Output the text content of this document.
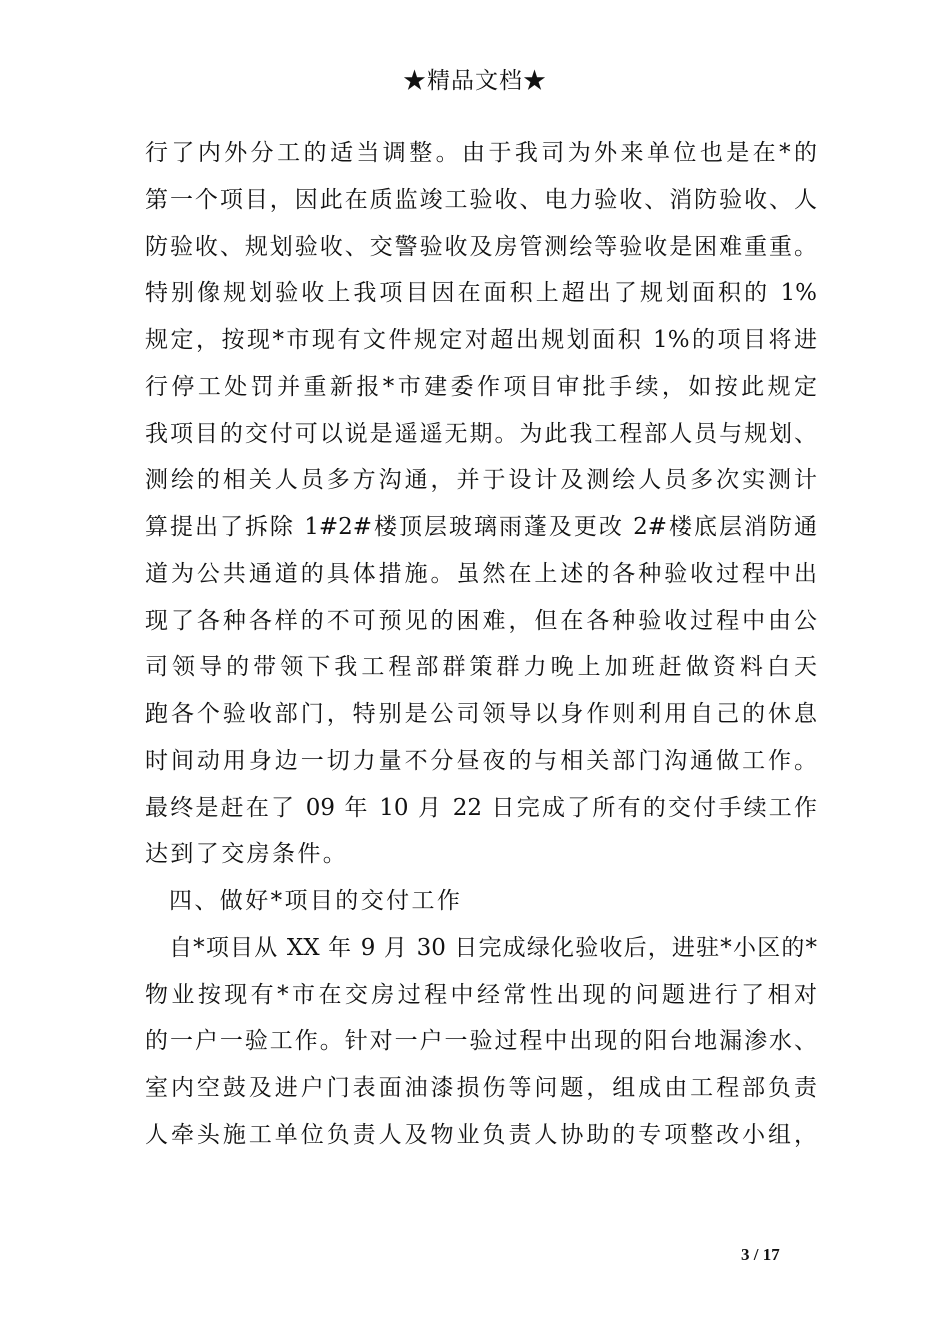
★精品文档★
行了内外分工的适当调整。由于我司为外来单位也是在*的
第一个项目，因此在质监竣工验收、电力验收、消防验收、人
防验收、规划验收、交警验收及房管测绘等验收是困难重重。
特别像规划验收上我项目因在面积上超出了规划面积的 1%
规定，按现*市现有文件规定对超出规划面积 1%的项目将进
行停工处罚并重新报*市建委作项目审批手续，如按此规定
我项目的交付可以说是遥遥无期。为此我工程部人员与规划、
测绘的相关人员多方沟通，并于设计及测绘人员多次实测计
算提出了拆除 1#2#楼顶层玻璃雨蓬及更改 2#楼底层消防通
道为公共通道的具体措施。虽然在上述的各种验收过程中出
现了各种各样的不可预见的困难，但在各种验收过程中由公
司领导的带领下我工程部群策群力晚上加班赶做资料白天
跑各个验收部门，特别是公司领导以身作则利用自己的休息
时间动用身边一切力量不分昼夜的与相关部门沟通做工作。
最终是赶在了 09 年 10 月 22 日完成了所有的交付手续工作
达到了交房条件。
四、做好*项目的交付工作
自*项目从 XX 年 9 月 30 日完成绿化验收后，进驻*小区的*
物业按现有*市在交房过程中经常性出现的问题进行了相对
的一户一验工作。针对一户一验过程中出现的阳台地漏渗水、
室内空鼓及进户门表面油漆损伤等问题，组成由工程部负责
人牵头施工单位负责人及物业负责人协助的专项整改小组，
3 / 17
